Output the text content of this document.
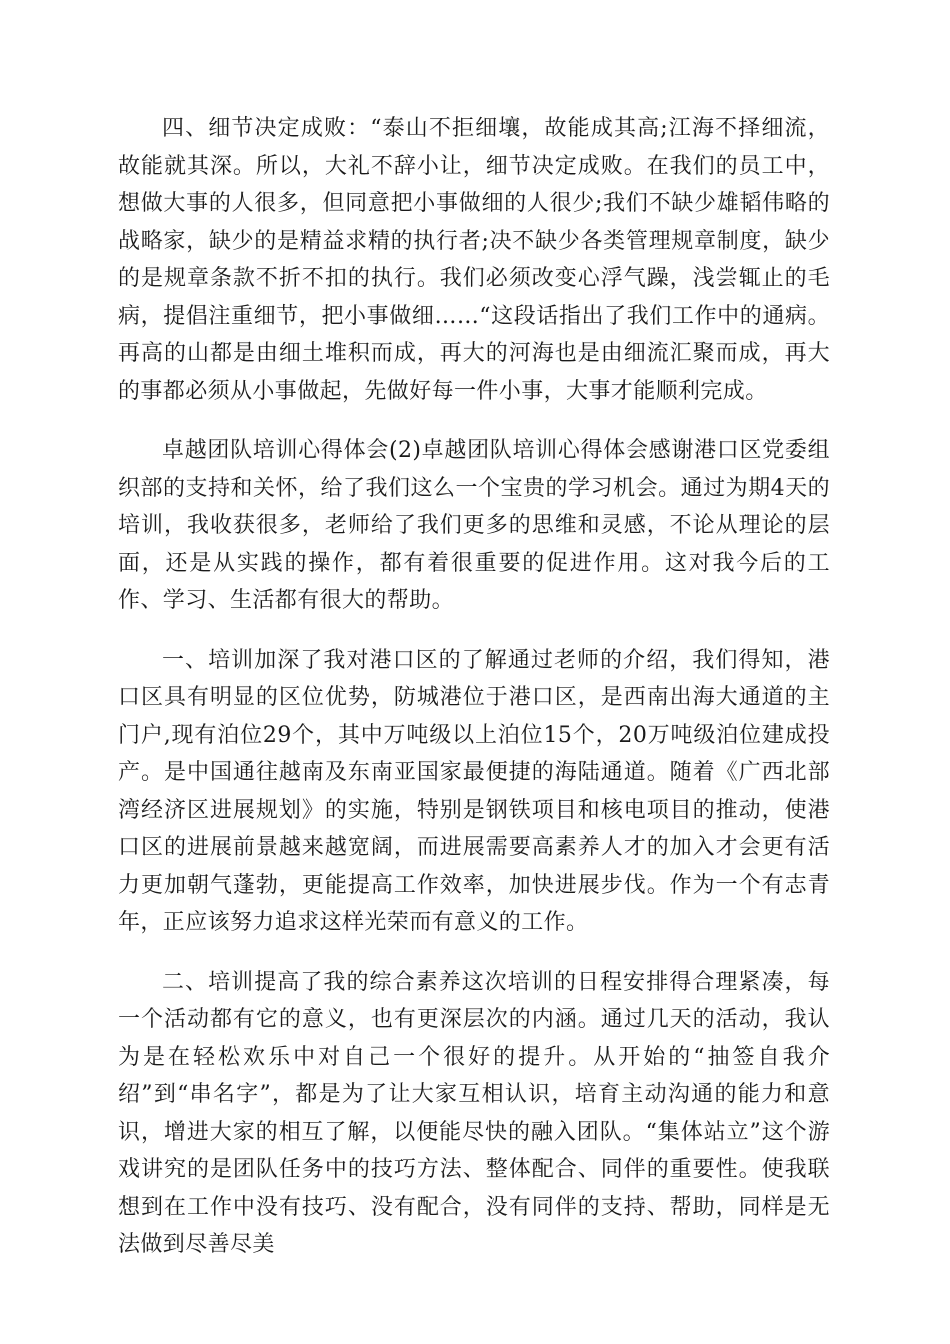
四、细节决定成败：“泰山不拒细壤，故能成其高;江海不择细流，故能就其深。所以，大礼不辞小让，细节决定成败。在我们的员工中，想做大事的人很多，但同意把小事做细的人很少;我们不缺少雄韬伟略的战略家，缺少的是精益求精的执行者;决不缺少各类管理规章制度，缺少的是规章条款不折不扣的执行。我们必须改变心浮气躁，浅尝辄止的毛病，提倡注重细节，把小事做细……“这段话指出了我们工作中的通病。再高的山都是由细土堆积而成，再大的河海也是由细流汇聚而成，再大的事都必须从小事做起，先做好每一件小事，大事才能顺利完成。

卓越团队培训心得体会(2)卓越团队培训心得体会感谢港口区党委组织部的支持和关怀，给了我们这么一个宝贵的学习机会。通过为期4天的培训，我收获很多，老师给了我们更多的思维和灵感，不论从理论的层面，还是从实践的操作，都有着很重要的促进作用。这对我今后的工作、学习、生活都有很大的帮助。

一、培训加深了我对港口区的了解通过老师的介绍，我们得知，港口区具有明显的区位优势，防城港位于港口区，是西南出海大通道的主门户,现有泊位29个，其中万吨级以上泊位15个，20万吨级泊位建成投产。是中国通往越南及东南亚国家最便捷的海陆通道。随着《广西北部湾经济区进展规划》的实施，特别是钢铁项目和核电项目的推动，使港口区的进展前景越来越宽阔，而进展需要高素养人才的加入才会更有活力更加朝气蓬勃，更能提高工作效率，加快进展步伐。作为一个有志青年，正应该努力追求这样光荣而有意义的工作。

二、培训提高了我的综合素养这次培训的日程安排得合理紧凑，每一个活动都有它的意义，也有更深层次的内涵。通过几天的活动，我认为是在轻松欢乐中对自己一个很好的提升。从开始的“抽签自我介绍”到“串名字”，都是为了让大家互相认识，培育主动沟通的能力和意识，增进大家的相互了解，以便能尽快的融入团队。“集体站立”这个游戏讲究的是团队任务中的技巧方法、整体配合、同伴的重要性。使我联想到在工作中没有技巧、没有配合，没有同伴的支持、帮助，同样是无法做到尽善尽美
